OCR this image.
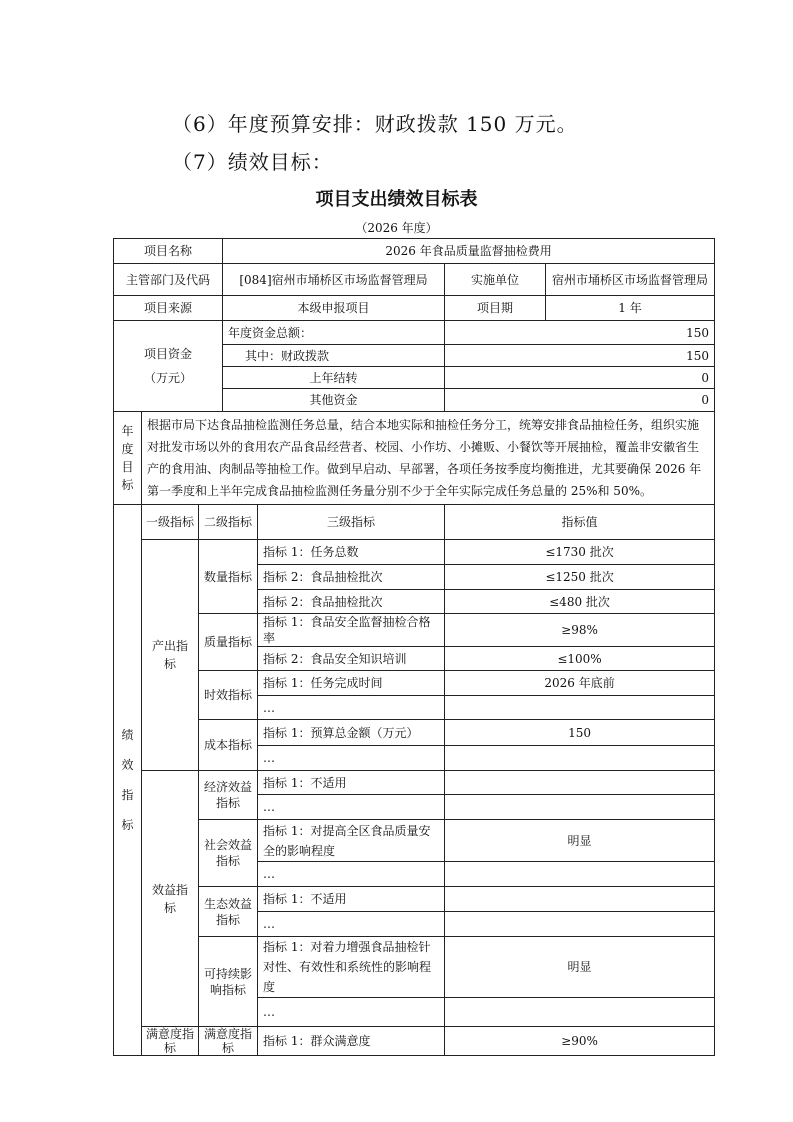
（6）年度预算安排：财政拨款 150 万元。
（7）绩效目标：
项目支出绩效目标表
（2026 年度）
项目名称			2026 年食品质量监督抽检费用			
主管部门及代码			[084]宿州市埇桥区市场监督管理局		实施单位	宿州市埇桥区市场监督管理局
项目来源			本级申报项目		项目期	1 年

项目资金
（万元）			年度资金总额：		150	
			其中：财政拨款		150	
			上年结转		0	
			其他资金		0	
年度目标	根据市局下达食品抽检监测任务总量，结合本地实际和抽检任务分工，统筹安排食品抽检任务，组织实施对批发市场以外的食用农产品食品经营者、校园、小作坊、小摊贩、小餐饮等开展抽检，覆盖非安徽省生产的食用油、肉制品等抽检工作。做到早启动、早部署，各项任务按季度均衡推进，尤其要确保 2026 年第一季度和上半年完成食品抽检监测任务量分别不少于全年实际完成任务总量的 25%和 50%。					
绩效指标	一级指标	二级指标		三级指标	指标值	
	产出指标	数量指标		指标 1：任务总数	≤1730 批次	
				指标 2：食品抽检批次	≤1250 批次	
				指标 2：食品抽检批次	≤480 批次	
		质量指标		指标 1：食品安全监督抽检合格率	≥98%	
				指标 2：食品安全知识培训	≤100%	
		时效指标		指标 1：任务完成时间	2026 年底前	
				…		
		成本指标		指标 1：预算总金额（万元）	150	
				…		
	效益指标	经济效益指标		指标 1：不适用		
				…		
		社会效益指标		指标 1：对提高全区食品质量安全的影响程度	明显	
				…		
		生态效益指标		指标 1：不适用		
				…		
		可持续影响指标		指标 1：对着力增强食品抽检针对性、有效性和系统性的影响程度	明显	
				…		
	满意度指标	满意度指标		指标 1：群众满意度	≥90%	
